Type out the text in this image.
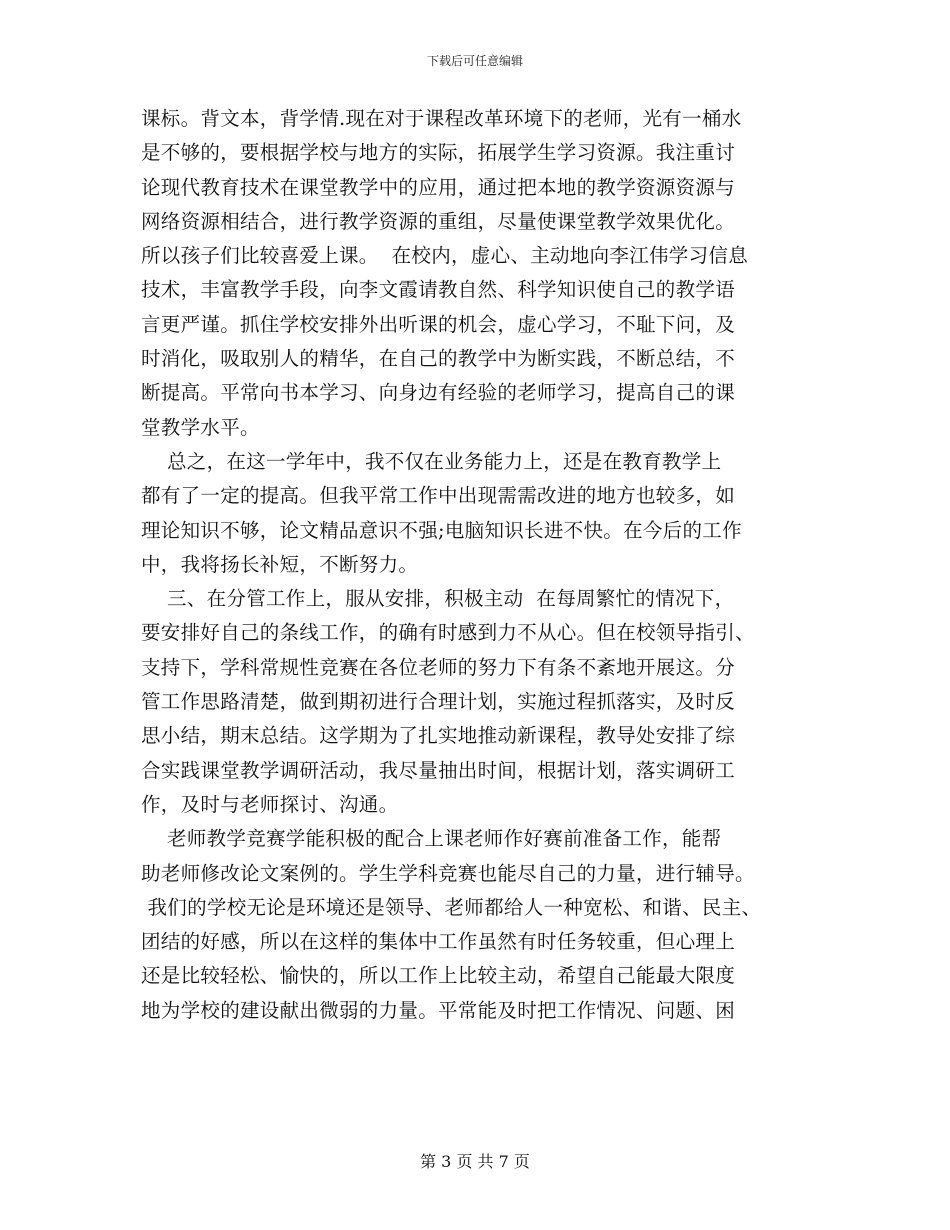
下载后可任意编辑
课标。背文本，背学情.现在对于课程改革环境下的老师，光有一桶水
是不够的，要根据学校与地方的实际，拓展学生学习资源。我注重讨
论现代教育技术在课堂教学中的应用，通过把本地的教学资源资源与
网络资源相结合，进行教学资源的重组，尽量使课堂教学效果优化。
所以孩子们比较喜爱上课。  在校内，虚心、主动地向李江伟学习信息
技术，丰富教学手段，向李文霞请教自然、科学知识使自己的教学语
言更严谨。抓住学校安排外出听课的机会，虚心学习，不耻下问，及
时消化，吸取别人的精华，在自己的教学中为断实践，不断总结，不
断提高。平常向书本学习、向身边有经验的老师学习，提高自己的课
堂教学水平。
总之，在这一学年中，我不仅在业务能力上，还是在教育教学上
都有了一定的提高。但我平常工作中出现需需改进的地方也较多，如
理论知识不够，论文精品意识不强;电脑知识长进不快。在今后的工作
中，我将扬长补短，不断努力。
三、在分管工作上，服从安排，积极主动  在每周繁忙的情况下，
要安排好自己的条线工作，的确有时感到力不从心。但在校领导指引、
支持下，学科常规性竞赛在各位老师的努力下有条不紊地开展这。分
管工作思路清楚，做到期初进行合理计划，实施过程抓落实，及时反
思小结，期末总结。这学期为了扎实地推动新课程，教导处安排了综
合实践课堂教学调研活动，我尽量抽出时间，根据计划，落实调研工
作，及时与老师探讨、沟通。
老师教学竞赛学能积极的配合上课老师作好赛前准备工作，能帮
助老师修改论文案例的。学生学科竞赛也能尽自己的力量，进行辅导。
我们的学校无论是环境还是领导、老师都给人一种宽松、和谐、民主、
团结的好感，所以在这样的集体中工作虽然有时任务较重，但心理上
还是比较轻松、愉快的，所以工作上比较主动，希望自己能最大限度
地为学校的建设献出微弱的力量。平常能及时把工作情况、问题、困
第 3 页 共 7 页
